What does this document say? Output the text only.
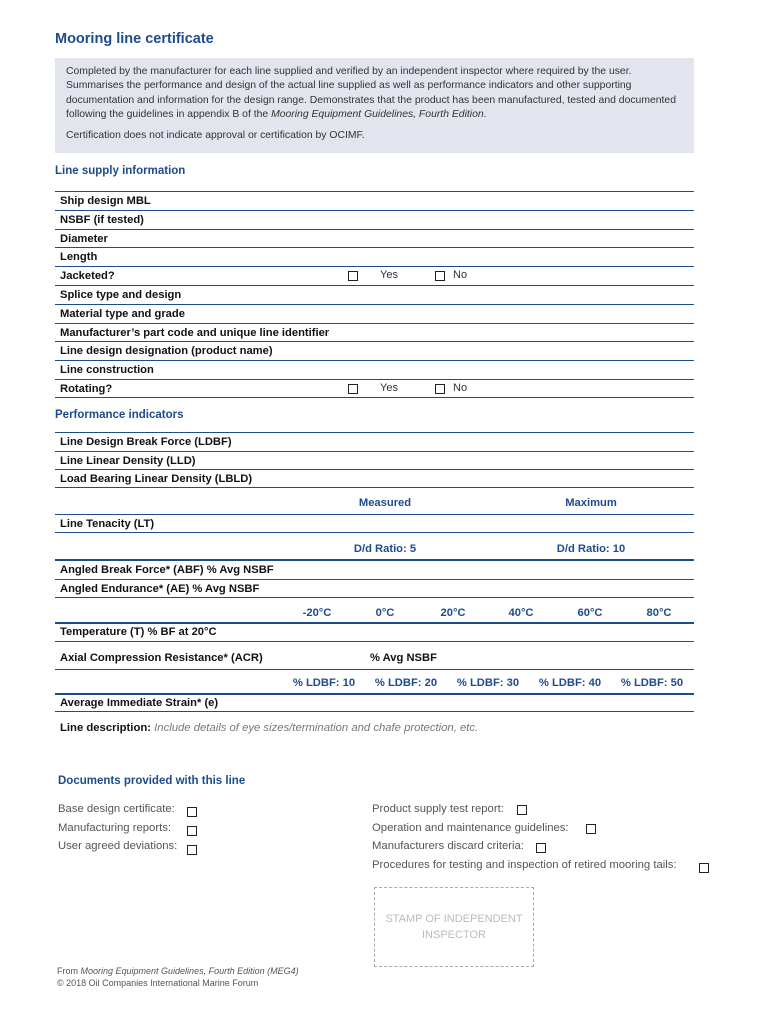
Mooring line certificate

Completed by the manufacturer for each line supplied and verified by an independent inspector where required by the user. Summarises the performance and design of the actual line supplied as well as performance indicators and other supporting documentation and information for the design range. Demonstrates that the product has been manufactured, tested and documented following the guidelines in appendix B of the Mooring Equipment Guidelines, Fourth Edition.

Certification does not indicate approval or certification by OCIMF.

Line supply information
Ship design MBL
NSBF (if tested)
Diameter
Length
Jacketed?	Yes	No
Splice type and design
Material type and grade
Manufacturer’s part code and unique line identifier
Line design designation (product name)
Line construction
Rotating?	Yes	No
Performance indicators
Line Design Break Force (LDBF)
Line Linear Density (LLD)
Load Bearing Linear Density (LBLD)
Measured	Maximum
Line Tenacity (LT)
D/d Ratio: 5	D/d Ratio: 10
Angled Break Force* (ABF) % Avg NSBF
Angled Endurance* (AE) % Avg NSBF
-20°C	0°C	20°C	40°C	60°C	80°C
Temperature (T) % BF at 20°C
Axial Compression Resistance* (ACR)	% Avg NSBF
% LDBF: 10 % LDBF: 20 % LDBF: 30 % LDBF: 40 % LDBF: 50
Average Immediate Strain* (e)
Line description: Include details of eye sizes/termination and chafe protection, etc.
Documents provided with this line
Base design certificate:
Manufacturing reports:
User agreed deviations:
Product supply test report:
Operation and maintenance guidelines:
Manufacturers discard criteria:
Procedures for testing and inspection of retired mooring tails:
STAMP OF INDEPENDENT INSPECTOR
From Mooring Equipment Guidelines, Fourth Edition (MEG4)
© 2018 Oil Companies International Marine Forum
